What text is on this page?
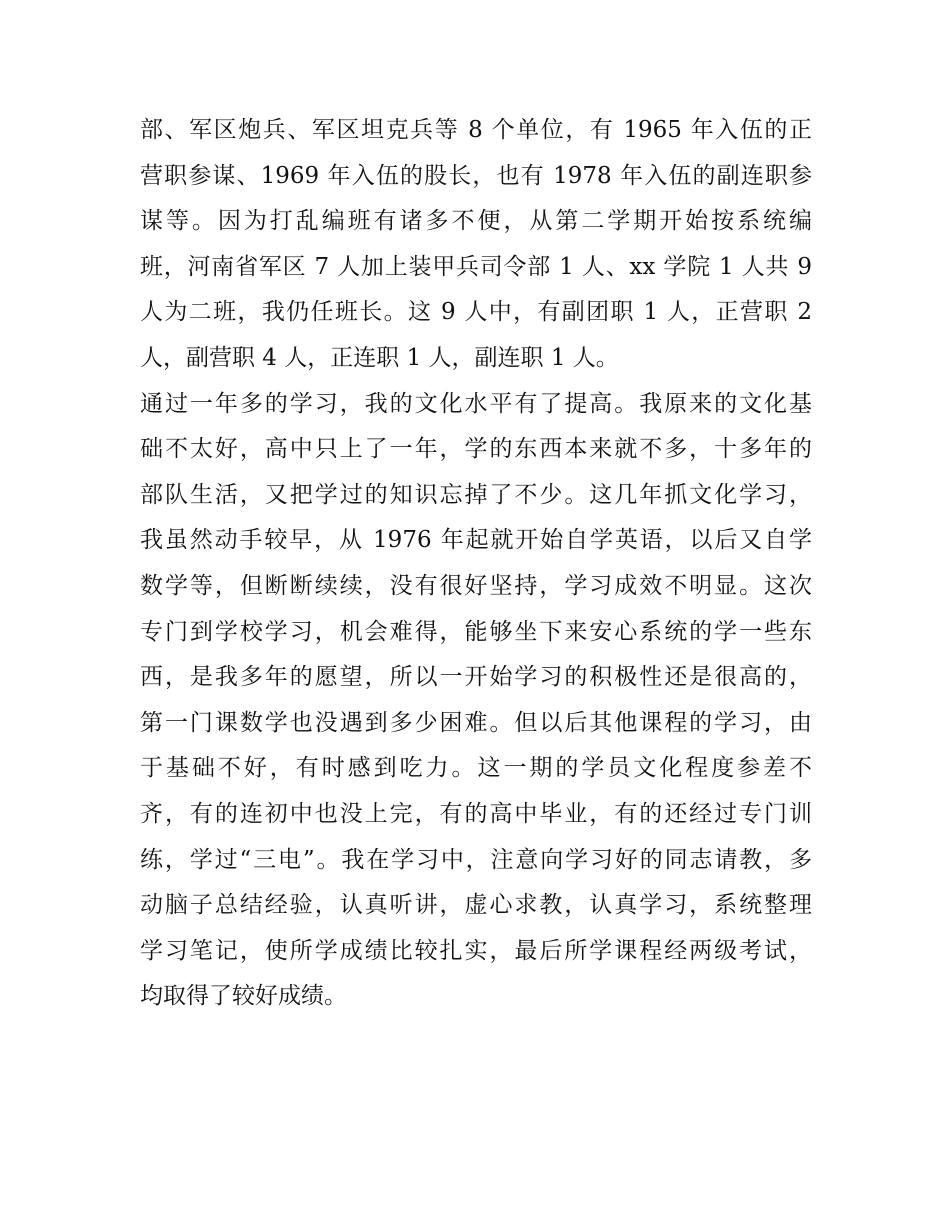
部、军区炮兵、军区坦克兵等 8 个单位，有 1965 年入伍的正
营职参谋、1969 年入伍的股长，也有 1978 年入伍的副连职参
谋等。因为打乱编班有诸多不便，从第二学期开始按系统编
班，河南省军区 7 人加上装甲兵司令部 1 人、xx 学院 1 人共 9
人为二班，我仍任班长。这 9 人中，有副团职 1 人，正营职 2
人，副营职 4 人，正连职 1 人，副连职 1 人。
通过一年多的学习，我的文化水平有了提高。我原来的文化基
础不太好，高中只上了一年，学的东西本来就不多，十多年的
部队生活，又把学过的知识忘掉了不少。这几年抓文化学习，
我虽然动手较早，从 1976 年起就开始自学英语，以后又自学
数学等，但断断续续，没有很好坚持，学习成效不明显。这次
专门到学校学习，机会难得，能够坐下来安心系统的学一些东
西，是我多年的愿望，所以一开始学习的积极性还是很高的，
第一门课数学也没遇到多少困难。但以后其他课程的学习，由
于基础不好，有时感到吃力。这一期的学员文化程度参差不
齐，有的连初中也没上完，有的高中毕业，有的还经过专门训
练，学过“三电”。我在学习中，注意向学习好的同志请教，多
动脑子总结经验，认真听讲，虚心求教，认真学习，系统整理
学习笔记，使所学成绩比较扎实，最后所学课程经两级考试，
均取得了较好成绩。
